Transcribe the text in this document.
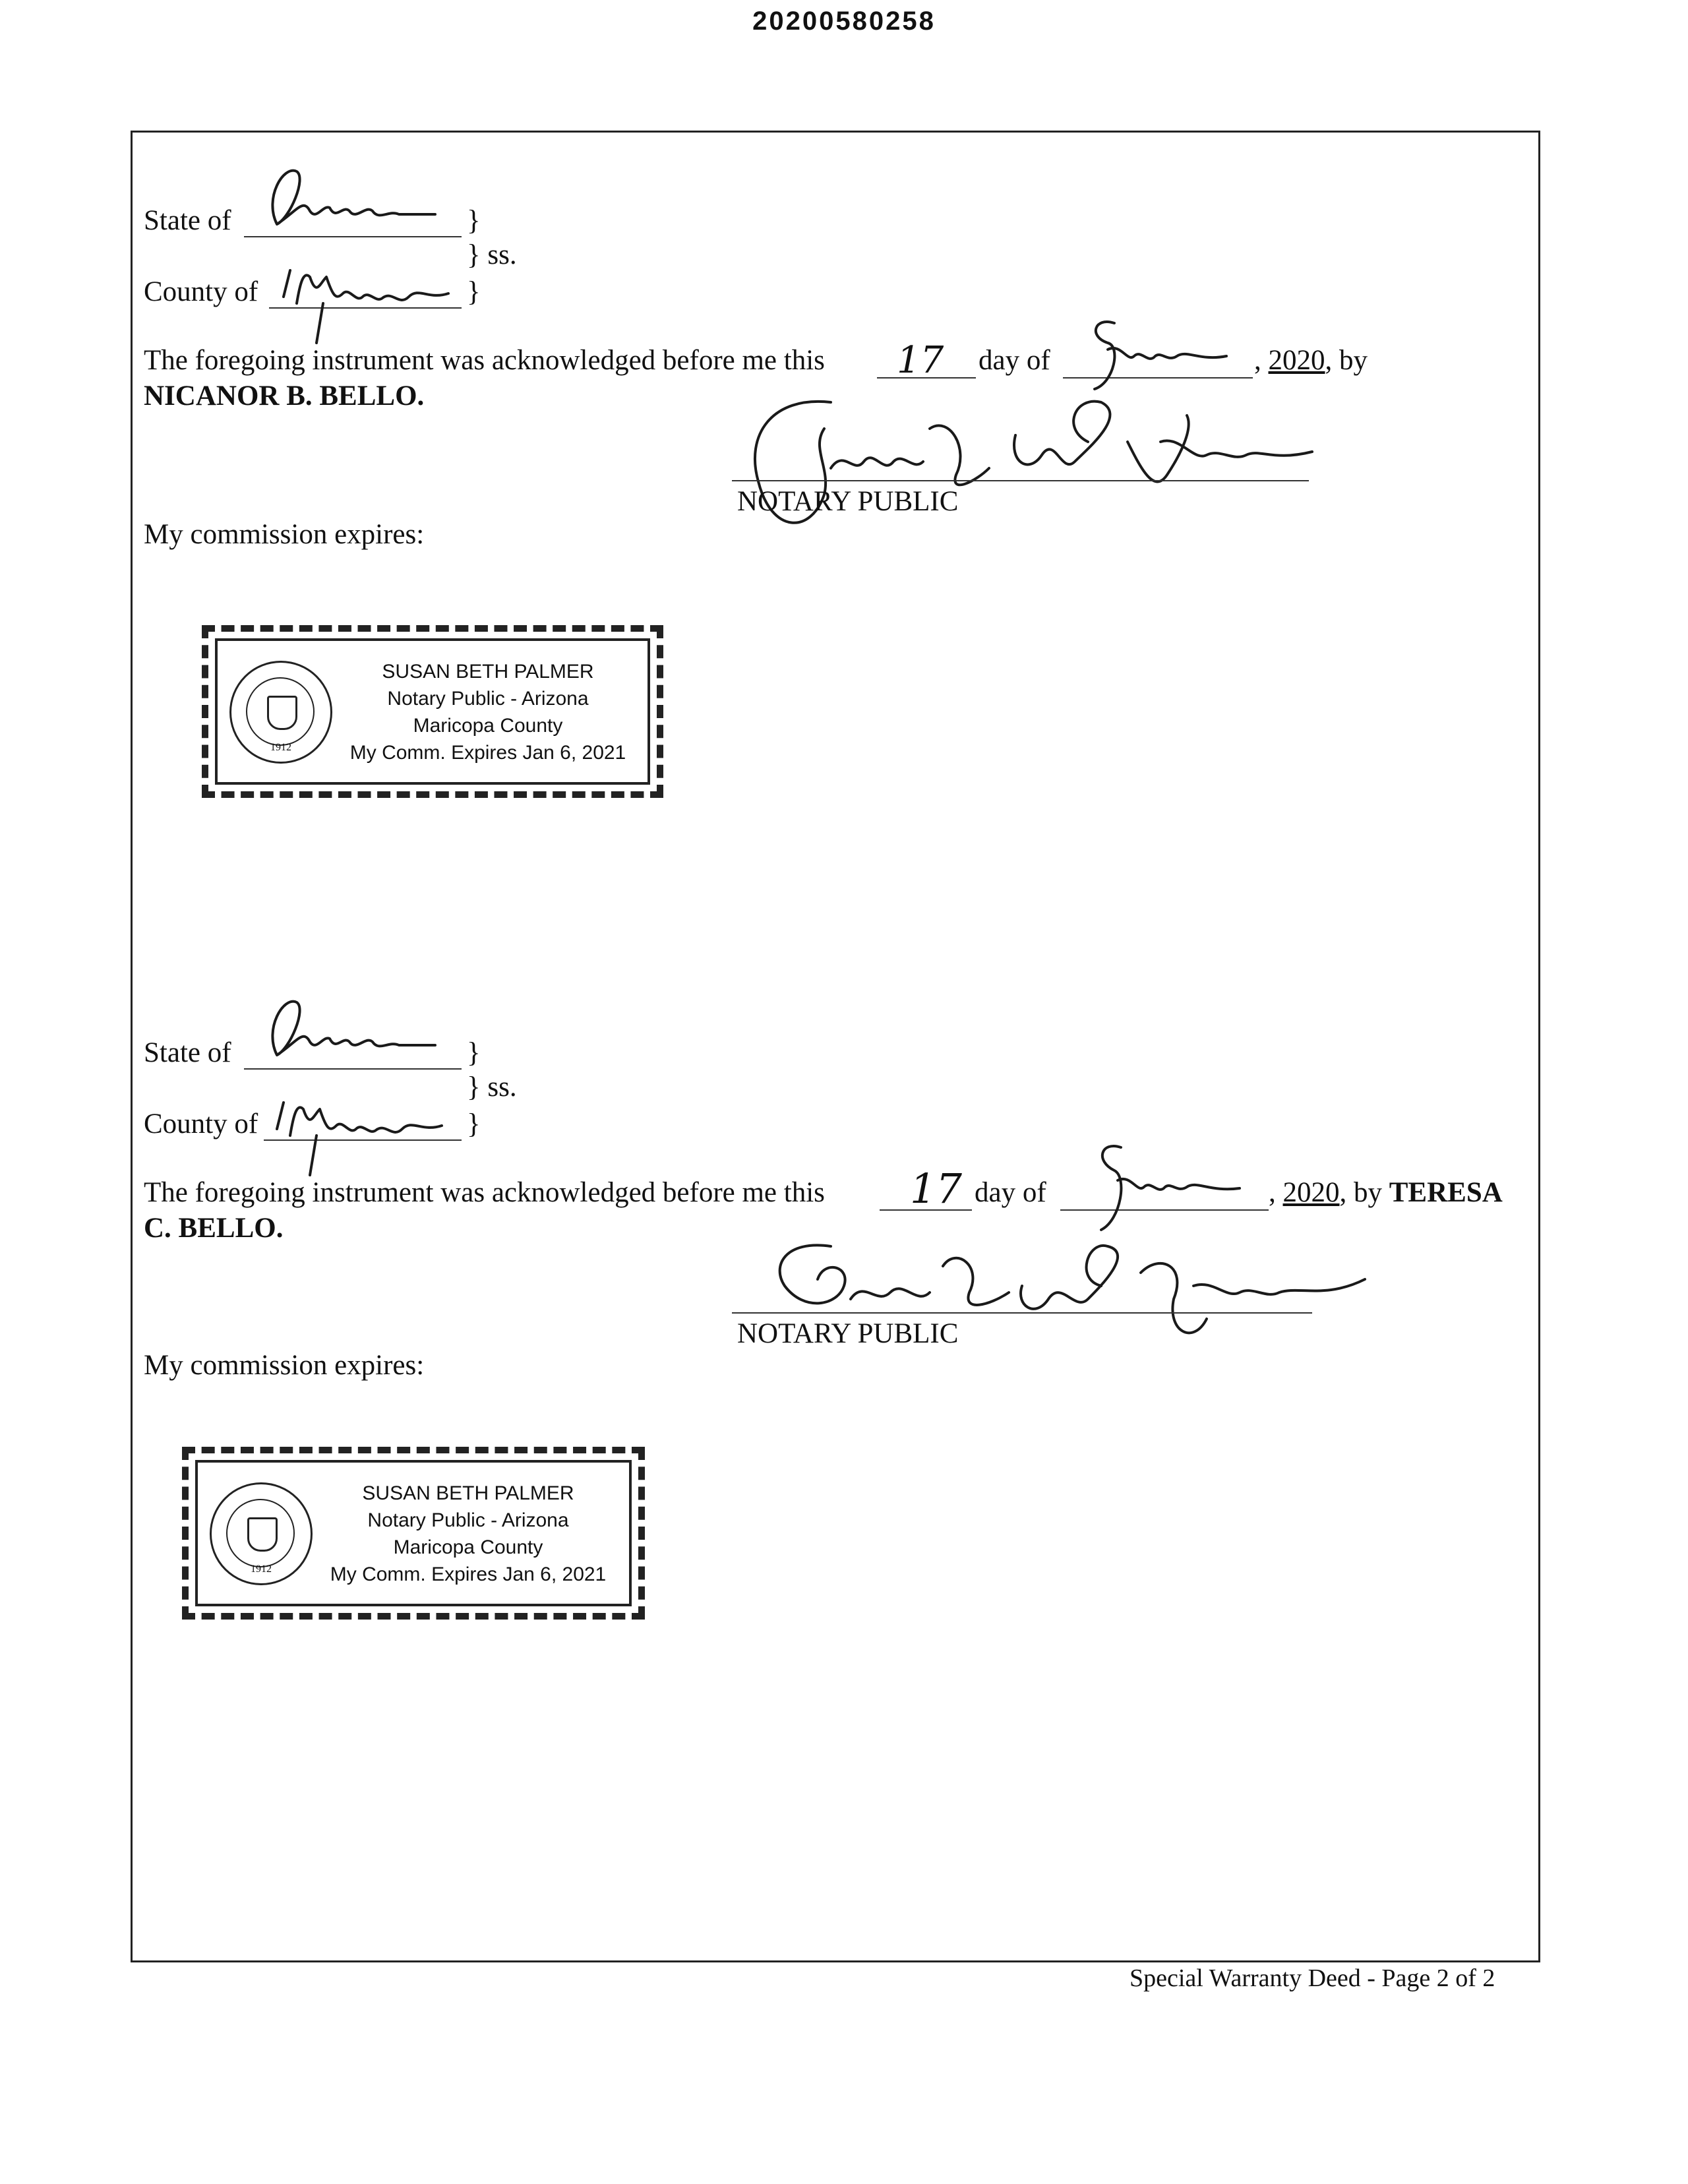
20200580258
State of	}
} ss.
County of	}
The foregoing instrument was acknowledged before me this 17 day of	, 2020, by
NICANOR B. BELLO.
NOTARY PUBLIC
My commission expires:
1912
SUSAN BETH PALMER
Notary Public - Arizona
Maricopa County
My Comm. Expires Jan 6, 2021
State of	}
} ss.
County of	}
The foregoing instrument was acknowledged before me this 17 day of	, 2020, by TERESA
C. BELLO.
NOTARY PUBLIC
My commission expires:
1912
SUSAN BETH PALMER
Notary Public - Arizona
Maricopa County
My Comm. Expires Jan 6, 2021
Special Warranty Deed - Page 2 of 2
